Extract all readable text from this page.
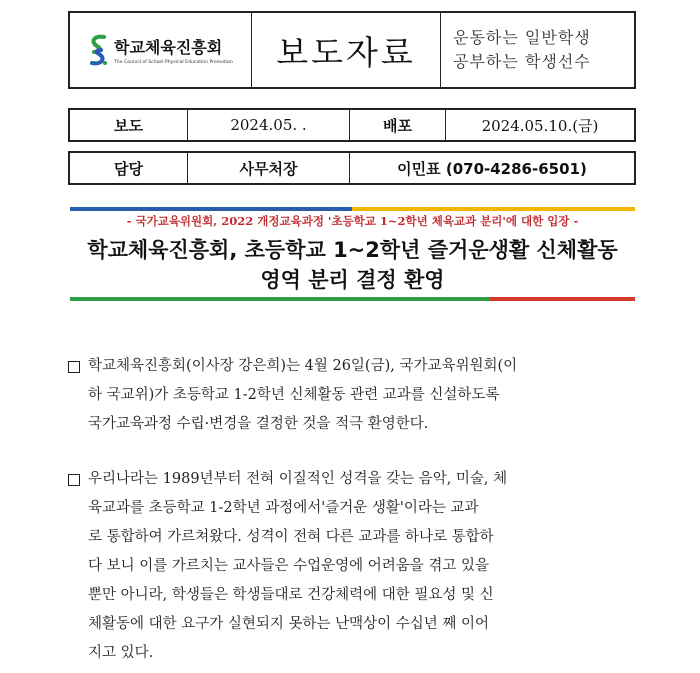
학교체육진흥회
The Council of School Physical Education Promotion	보도자료	운동하는 일반학생
공부하는 학생선수
보도	2024.05. .	배포	2024.05.10.(금)
담당	사무처장	이민표 (070-4286-6501)
- 국가교육위원회, 2022 개정교육과정 '초등학교 1~2학년 체육교과 분리'에 대한 입장 -
학교체육진흥회, 초등학교 1~2학년 즐거운생활 신체활동
영역 분리 결정 환영
학교체육진흥회(이사장 강은희)는 4월 26일(금), 국가교육위원회(이
하 국교위)가 초등학교 1-2학년 신체활동 관련 교과를 신설하도록
국가교육과정 수립·변경을 결정한 것을 적극 환영한다.
우리나라는 1989년부터 전혀 이질적인 성격을 갖는 음악, 미술, 체
육교과를 초등학교 1-2학년 과정에서'즐거운 생활'이라는 교과
로 통합하여 가르쳐왔다. 성격이 전혀 다른 교과를 하나로 통합하
다 보니 이를 가르치는 교사들은 수업운영에 어려움을 겪고 있을
뿐만 아니라, 학생들은 학생들대로 건강체력에 대한 필요성 및 신
체활동에 대한 요구가 실현되지 못하는 난맥상이 수십년 째 이어
지고 있다.
